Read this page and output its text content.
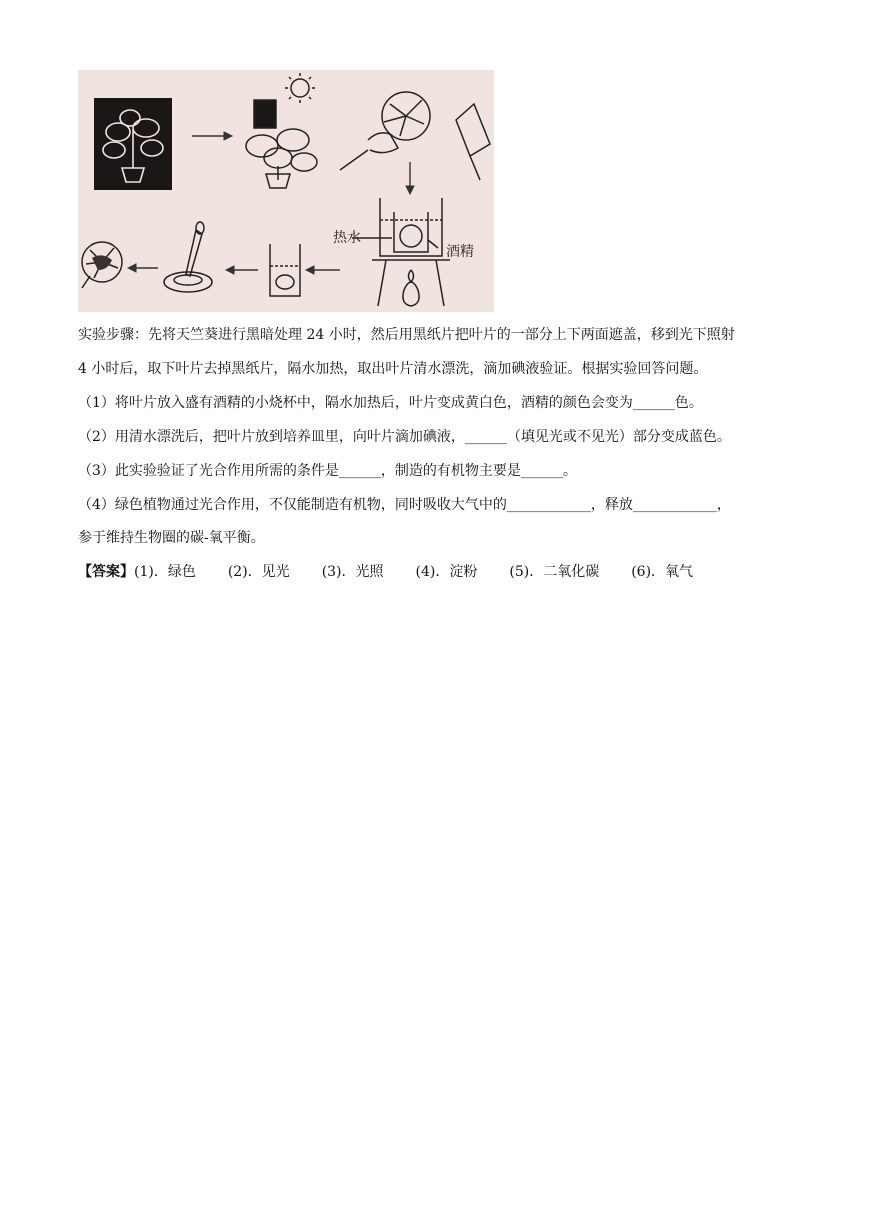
热水
酒精
实验步骤：先将天竺葵进行黑暗处理 24 小时，然后用黑纸片把叶片的一部分上下两面遮盖，移到光下照射
4 小时后，取下叶片去掉黑纸片，隔水加热，取出叶片清水漂洗，滴加碘液验证。根据实验回答问题。
（1）将叶片放入盛有酒精的小烧杯中，隔水加热后，叶片变成黄白色，酒精的颜色会变为______色。
（2）用清水漂洗后，把叶片放到培养皿里，向叶片滴加碘液，______（填见光或不见光）部分变成蓝色。
（3）此实验验证了光合作用所需的条件是______，制造的有机物主要是______。
（4）绿色植物通过光合作用，不仅能制造有机物，同时吸收大气中的____________，释放____________，
参于维持生物圈的碳-氧平衡。
【答案】(1)．绿色 (2)．见光 (3)．光照 (4)．淀粉 (5)．二氧化碳 (6)．氧气
